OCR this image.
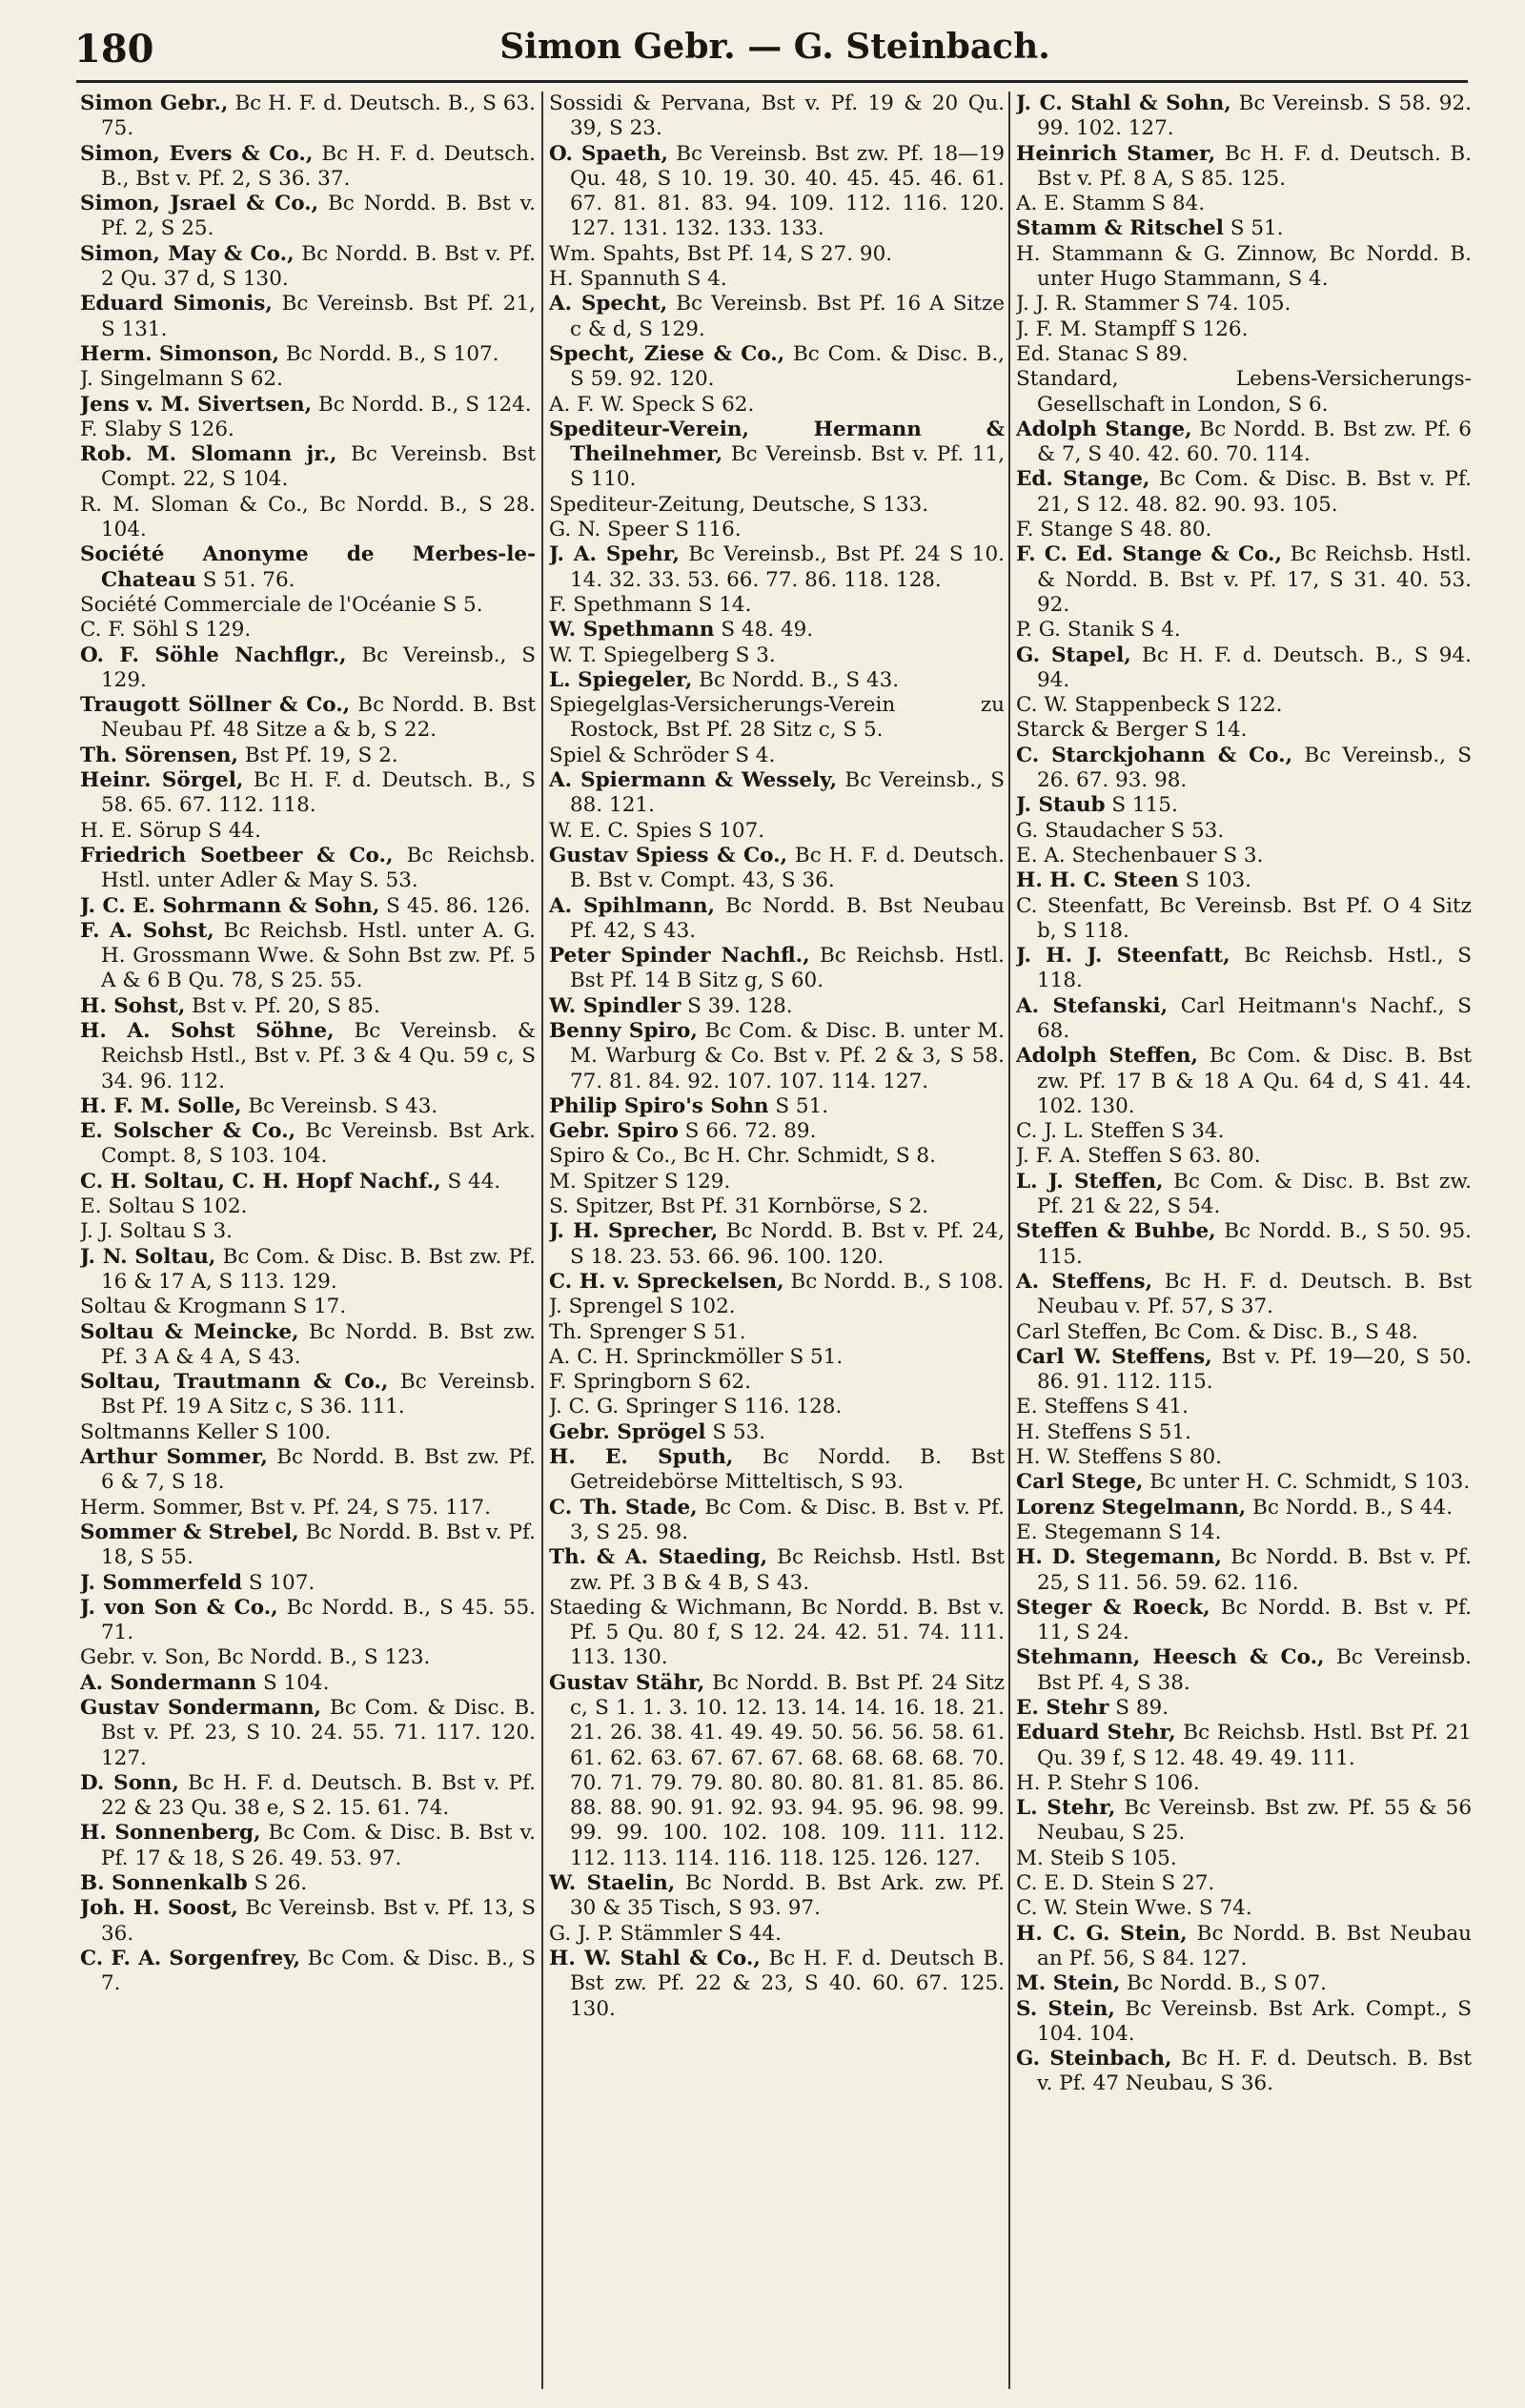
180	Simon Gebr. — G. Steinbach.
Simon Gebr., Bc H. F. d. Deutsch. B., S 63. 75.
Simon, Evers & Co., Bc H. F. d. Deutsch. B., Bst v. Pf. 2, S 36. 37.
Simon, Jsrael & Co., Bc Nordd. B. Bst v. Pf. 2, S 25.
Simon, May & Co., Bc Nordd. B. Bst v. Pf. 2 Qu. 37 d, S 130.
Eduard Simonis, Bc Vereinsb. Bst Pf. 21, S 131.
Herm. Simonson, Bc Nordd. B., S 107.
J. Singelmann S 62.
Jens v. M. Sivertsen, Bc Nordd. B., S 124.
F. Slaby S 126.
Rob. M. Slomann jr., Bc Vereinsb. Bst Compt. 22, S 104.
R. M. Sloman & Co., Bc Nordd. B., S 28. 104.
Société Anonyme de Merbes-le-Chateau S 51. 76.
Société Commerciale de l'Océanie S 5.
C. F. Söhl S 129.
O. F. Söhle Nachflgr., Bc Vereinsb., S 129.
Traugott Söllner & Co., Bc Nordd. B. Bst Neubau Pf. 48 Sitze a & b, S 22.
Th. Sörensen, Bst Pf. 19, S 2.
Heinr. Sörgel, Bc H. F. d. Deutsch. B., S 58. 65. 67. 112. 118.
H. E. Sörup S 44.
Friedrich Soetbeer & Co., Bc Reichsb. Hstl. unter Adler & May S. 53.
J. C. E. Sohrmann & Sohn, S 45. 86. 126.
F. A. Sohst, Bc Reichsb. Hstl. unter A. G. H. Grossmann Wwe. & Sohn Bst zw. Pf. 5 A & 6 B Qu. 78, S 25. 55.
H. Sohst, Bst v. Pf. 20, S 85.
H. A. Sohst Söhne, Bc Vereinsb. & Reichsb Hstl., Bst v. Pf. 3 & 4 Qu. 59 c, S 34. 96. 112.
H. F. M. Solle, Bc Vereinsb. S 43.
E. Solscher & Co., Bc Vereinsb. Bst Ark. Compt. 8, S 103. 104.
C. H. Soltau, C. H. Hopf Nachf., S 44.
E. Soltau S 102.
J. J. Soltau S 3.
J. N. Soltau, Bc Com. & Disc. B. Bst zw. Pf. 16 & 17 A, S 113. 129.
Soltau & Krogmann S 17.
Soltau & Meincke, Bc Nordd. B. Bst zw. Pf. 3 A & 4 A, S 43.
Soltau, Trautmann & Co., Bc Vereinsb. Bst Pf. 19 A Sitz c, S 36. 111.
Soltmanns Keller S 100.
Arthur Sommer, Bc Nordd. B. Bst zw. Pf. 6 & 7, S 18.
Herm. Sommer, Bst v. Pf. 24, S 75. 117.
Sommer & Strebel, Bc Nordd. B. Bst v. Pf. 18, S 55.
J. Sommerfeld S 107.
J. von Son & Co., Bc Nordd. B., S 45. 55. 71.
Gebr. v. Son, Bc Nordd. B., S 123.
A. Sondermann S 104.
Gustav Sondermann, Bc Com. & Disc. B. Bst v. Pf. 23, S 10. 24. 55. 71. 117. 120. 127.
D. Sonn, Bc H. F. d. Deutsch. B. Bst v. Pf. 22 & 23 Qu. 38 e, S 2. 15. 61. 74.
H. Sonnenberg, Bc Com. & Disc. B. Bst v. Pf. 17 & 18, S 26. 49. 53. 97.
B. Sonnenkalb S 26.
Joh. H. Soost, Bc Vereinsb. Bst v. Pf. 13, S 36.
C. F. A. Sorgenfrey, Bc Com. & Disc. B., S 7.
Sossidi & Pervana, Bst v. Pf. 19 & 20 Qu. 39, S 23.
O. Spaeth, Bc Vereinsb. Bst zw. Pf. 18—19 Qu. 48, S 10. 19. 30. 40. 45. 45. 46. 61. 67. 81. 81. 83. 94. 109. 112. 116. 120. 127. 131. 132. 133. 133.
Wm. Spahts, Bst Pf. 14, S 27. 90.
H. Spannuth S 4.
A. Specht, Bc Vereinsb. Bst Pf. 16 A Sitze c & d, S 129.
Specht, Ziese & Co., Bc Com. & Disc. B., S 59. 92. 120.
A. F. W. Speck S 62.
Spediteur-Verein, Hermann & Theilnehmer, Bc Vereinsb. Bst v. Pf. 11, S 110.
Spediteur-Zeitung, Deutsche, S 133.
G. N. Speer S 116.
J. A. Spehr, Bc Vereinsb., Bst Pf. 24 S 10. 14. 32. 33. 53. 66. 77. 86. 118. 128.
F. Spethmann S 14.
W. Spethmann S 48. 49.
W. T. Spiegelberg S 3.
L. Spiegeler, Bc Nordd. B., S 43.
Spiegelglas-Versicherungs-Verein zu Rostock, Bst Pf. 28 Sitz c, S 5.
Spiel & Schröder S 4.
A. Spiermann & Wessely, Bc Vereinsb., S 88. 121.
W. E. C. Spies S 107.
Gustav Spiess & Co., Bc H. F. d. Deutsch. B. Bst v. Compt. 43, S 36.
A. Spihlmann, Bc Nordd. B. Bst Neubau Pf. 42, S 43.
Peter Spinder Nachfl., Bc Reichsb. Hstl. Bst Pf. 14 B Sitz g, S 60.
W. Spindler S 39. 128.
Benny Spiro, Bc Com. & Disc. B. unter M. M. Warburg & Co. Bst v. Pf. 2 & 3, S 58. 77. 81. 84. 92. 107. 107. 114. 127.
Philip Spiro's Sohn S 51.
Gebr. Spiro S 66. 72. 89.
Spiro & Co., Bc H. Chr. Schmidt, S 8.
M. Spitzer S 129.
S. Spitzer, Bst Pf. 31 Kornbörse, S 2.
J. H. Sprecher, Bc Nordd. B. Bst v. Pf. 24, S 18. 23. 53. 66. 96. 100. 120.
C. H. v. Spreckelsen, Bc Nordd. B., S 108.
J. Sprengel S 102.
Th. Sprenger S 51.
A. C. H. Sprinckmöller S 51.
F. Springborn S 62.
J. C. G. Springer S 116. 128.
Gebr. Sprögel S 53.
H. E. Sputh, Bc Nordd. B. Bst Getreidebörse Mitteltisch, S 93.
C. Th. Stade, Bc Com. & Disc. B. Bst v. Pf. 3, S 25. 98.
Th. & A. Staeding, Bc Reichsb. Hstl. Bst zw. Pf. 3 B & 4 B, S 43.
Staeding & Wichmann, Bc Nordd. B. Bst v. Pf. 5 Qu. 80 f, S 12. 24. 42. 51. 74. 111. 113. 130.
Gustav Stähr, Bc Nordd. B. Bst Pf. 24 Sitz c, S 1. 1. 3. 10. 12. 13. 14. 14. 16. 18. 21. 21. 26. 38. 41. 49. 49. 50. 56. 56. 58. 61. 61. 62. 63. 67. 67. 67. 68. 68. 68. 68. 70. 70. 71. 79. 79. 80. 80. 80. 81. 81. 85. 86. 88. 88. 90. 91. 92. 93. 94. 95. 96. 98. 99. 99. 99. 100. 102. 108. 109. 111. 112. 112. 113. 114. 116. 118. 125. 126. 127.
W. Staelin, Bc Nordd. B. Bst Ark. zw. Pf. 30 & 35 Tisch, S 93. 97.
G. J. P. Stämmler S 44.
H. W. Stahl & Co., Bc H. F. d. Deutsch B. Bst zw. Pf. 22 & 23, S 40. 60. 67. 125. 130.
J. C. Stahl & Sohn, Bc Vereinsb. S 58. 92. 99. 102. 127.
Heinrich Stamer, Bc H. F. d. Deutsch. B. Bst v. Pf. 8 A, S 85. 125.
A. E. Stamm S 84.
Stamm & Ritschel S 51.
H. Stammann & G. Zinnow, Bc Nordd. B. unter Hugo Stammann, S 4.
J. J. R. Stammer S 74. 105.
J. F. M. Stampff S 126.
Ed. Stanac S 89.
Standard, Lebens-Versicherungs-Gesellschaft in London, S 6.
Adolph Stange, Bc Nordd. B. Bst zw. Pf. 6 & 7, S 40. 42. 60. 70. 114.
Ed. Stange, Bc Com. & Disc. B. Bst v. Pf. 21, S 12. 48. 82. 90. 93. 105.
F. Stange S 48. 80.
F. C. Ed. Stange & Co., Bc Reichsb. Hstl. & Nordd. B. Bst v. Pf. 17, S 31. 40. 53. 92.
P. G. Stanik S 4.
G. Stapel, Bc H. F. d. Deutsch. B., S 94. 94.
C. W. Stappenbeck S 122.
Starck & Berger S 14.
C. Starckjohann & Co., Bc Vereinsb., S 26. 67. 93. 98.
J. Staub S 115.
G. Staudacher S 53.
E. A. Stechenbauer S 3.
H. H. C. Steen S 103.
C. Steenfatt, Bc Vereinsb. Bst Pf. O 4 Sitz b, S 118.
J. H. J. Steenfatt, Bc Reichsb. Hstl., S 118.
A. Stefanski, Carl Heitmann's Nachf., S 68.
Adolph Steffen, Bc Com. & Disc. B. Bst zw. Pf. 17 B & 18 A Qu. 64 d, S 41. 44. 102. 130.
C. J. L. Steffen S 34.
J. F. A. Steffen S 63. 80.
L. J. Steffen, Bc Com. & Disc. B. Bst zw. Pf. 21 & 22, S 54.
Steffen & Buhbe, Bc Nordd. B., S 50. 95. 115.
A. Steffens, Bc H. F. d. Deutsch. B. Bst Neubau v. Pf. 57, S 37.
Carl Steffen, Bc Com. & Disc. B., S 48.
Carl W. Steffens, Bst v. Pf. 19—20, S 50. 86. 91. 112. 115.
E. Steffens S 41.
H. Steffens S 51.
H. W. Steffens S 80.
Carl Stege, Bc unter H. C. Schmidt, S 103.
Lorenz Stegelmann, Bc Nordd. B., S 44.
E. Stegemann S 14.
H. D. Stegemann, Bc Nordd. B. Bst v. Pf. 25, S 11. 56. 59. 62. 116.
Steger & Roeck, Bc Nordd. B. Bst v. Pf. 11, S 24.
Stehmann, Heesch & Co., Bc Vereinsb. Bst Pf. 4, S 38.
E. Stehr S 89.
Eduard Stehr, Bc Reichsb. Hstl. Bst Pf. 21 Qu. 39 f, S 12. 48. 49. 49. 111.
H. P. Stehr S 106.
L. Stehr, Bc Vereinsb. Bst zw. Pf. 55 & 56 Neubau, S 25.
M. Steib S 105.
C. E. D. Stein S 27.
C. W. Stein Wwe. S 74.
H. C. G. Stein, Bc Nordd. B. Bst Neubau an Pf. 56, S 84. 127.
M. Stein, Bc Nordd. B., S 07.
S. Stein, Bc Vereinsb. Bst Ark. Compt., S 104. 104.
G. Steinbach, Bc H. F. d. Deutsch. B. Bst v. Pf. 47 Neubau, S 36.
